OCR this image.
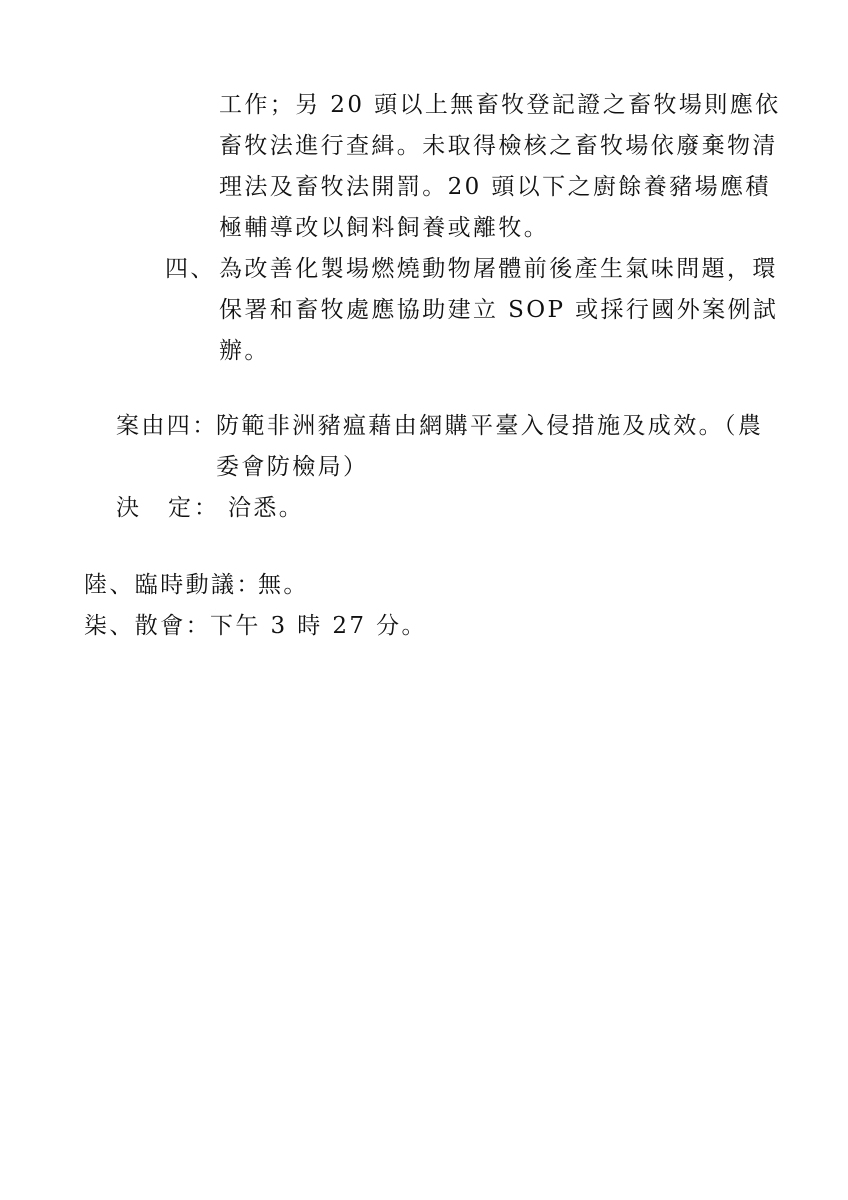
工作；另 20 頭以上無畜牧登記證之畜牧場則應依
畜牧法進行查緝。未取得檢核之畜牧場依廢棄物清
理法及畜牧法開罰。20 頭以下之廚餘養豬場應積
極輔導改以飼料飼養或離牧。
四、 為改善化製場燃燒動物屠體前後產生氣味問題，環
保署和畜牧處應協助建立 SOP 或採行國外案例試
辦。
案由四：
防範非洲豬瘟藉由網購平臺入侵措施及成效。（農
委會防檢局）
決　定： 洽悉。
陸、臨時動議：
無。
柒、散會： 下午 3 時 27 分。
